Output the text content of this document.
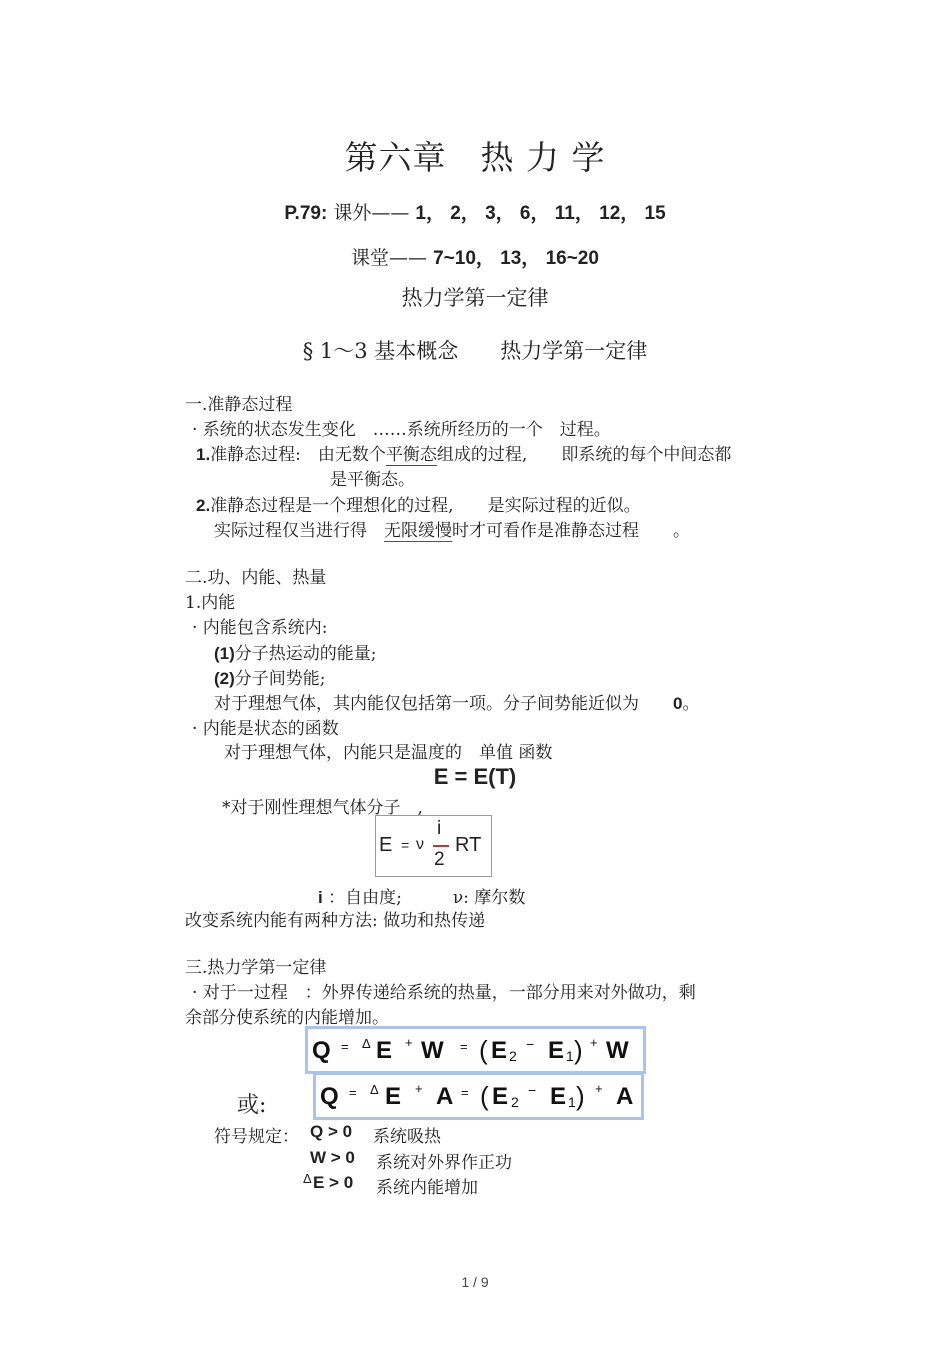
第六章　热 力 学
P.79: 课外—— 1， 2， 3， 6， 11， 12， 15
课堂—— 7~10， 13， 16~20
热力学第一定律
§ 1～3 基本概念　　热力学第一定律
一.准静态过程
· 系统的状态发生变化　……系统所经历的一个　过程。
1.准静态过程:　由无数个平衡态组成的过程,　　即系统的每个中间态都
是平衡态。
2.准静态过程是一个理想化的过程,　　是实际过程的近似。
实际过程仅当进行得　无限缓慢时才可看作是准静态过程　　。
二.功、内能、热量
1.内能
· 内能包含系统内:
(1)分子热运动的能量;
(2)分子间势能;
对于理想气体，其内能仅包括第一项。分子间势能近似为　　0。
· 内能是状态的函数
对于理想气体，内能只是温度的　单值 函数
E = E(T)
*对于刚性理想气体分子　,
E = ν
i
2
RT
i ：自由度;　　　ν: 摩尔数
改变系统内能有两种方法: 做功和热传递
三.热力学第一定律
· 对于一过程　：外界传递给系统的热量，一部分用来对外做功，剩
余部分使系统的内能增加。
Q = Δ E + W = ( E 2
− E 1 ) + W
或: Q = Δ E + A = ( E 2
− E 1 ) + A
符号规定： Q > 0 系统吸热
W > 0 系统对外界作正功
Δ E > 0 系统内能增加
1 / 9
